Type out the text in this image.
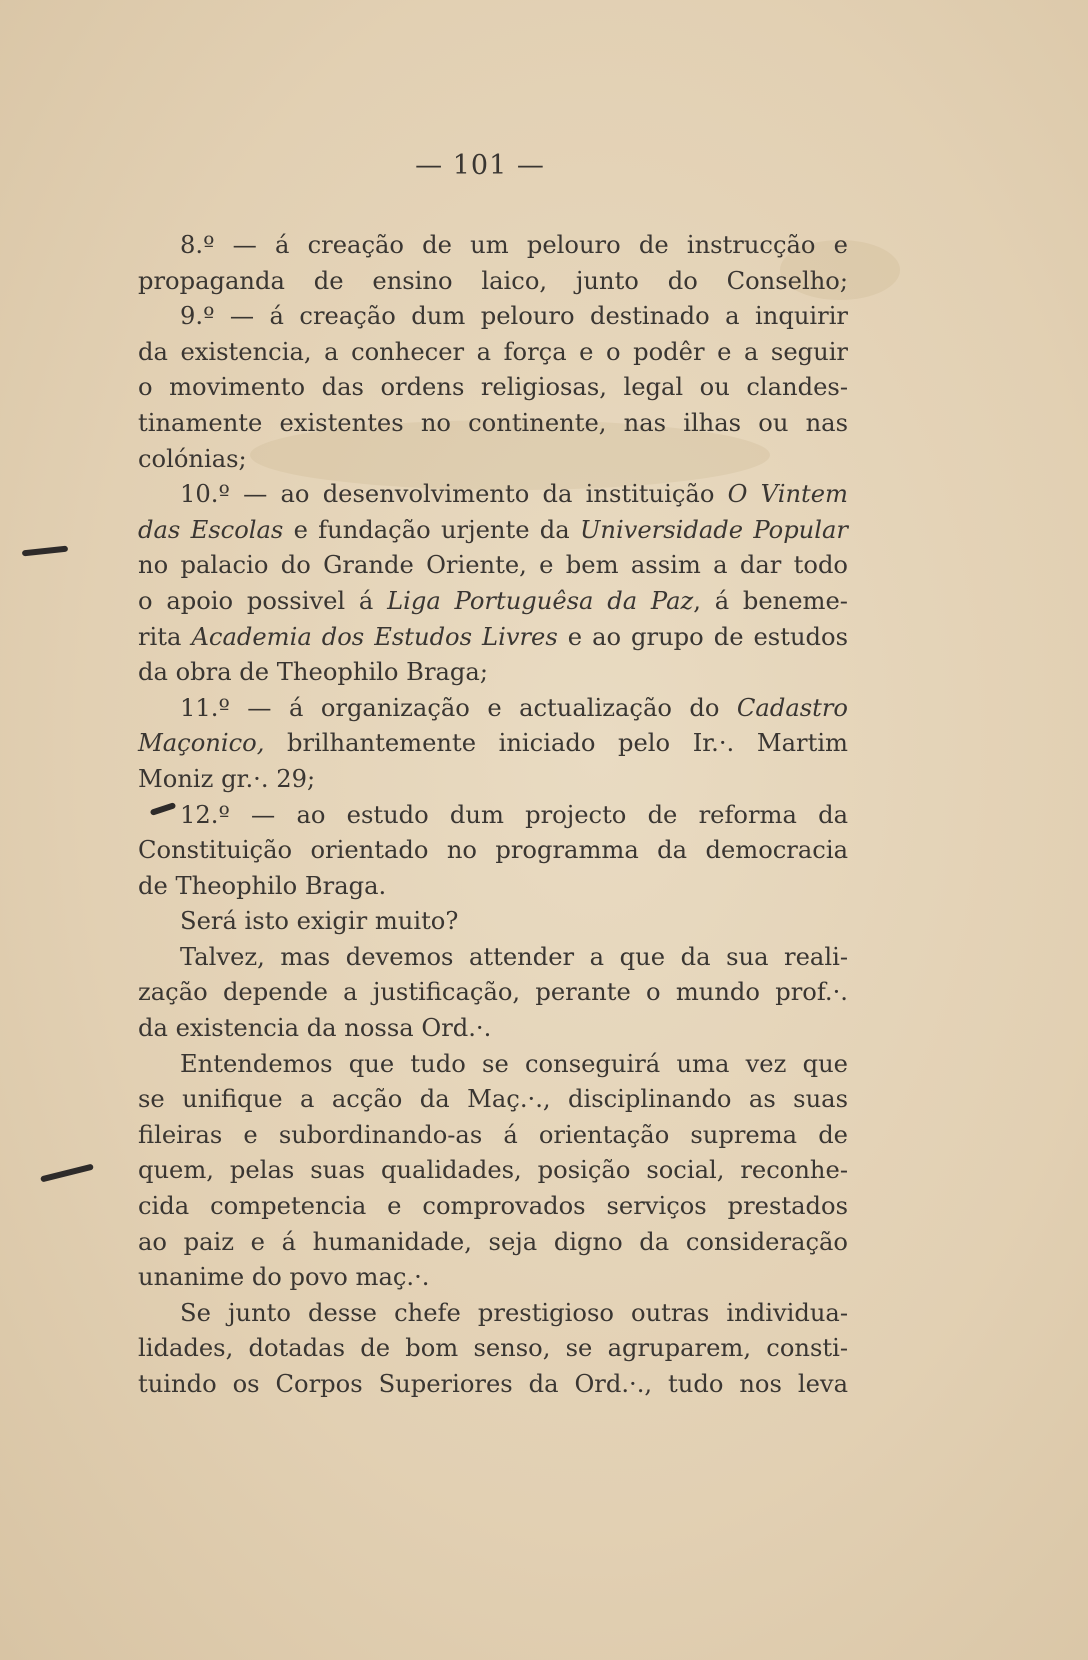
— 101 —
8.º — á creação de um pelouro de instrucção e
propaganda de ensino laico, junto do Conselho;
9.º — á creação dum pelouro destinado a inquirir
da existencia, a conhecer a força e o podêr e a seguir
o movimento das ordens religiosas, legal ou clandes-
tinamente existentes no continente, nas ilhas ou nas
colónias;
10.º — ao desenvolvimento da instituição O Vintem
das Escolas e fundação urjente da Universidade Popular
no palacio do Grande Oriente, e bem assim a dar todo
o apoio possivel á Liga Portuguêsa da Paz, á beneme-
rita Academia dos Estudos Livres e ao grupo de estudos
da obra de Theophilo Braga;
11.º — á organização e actualização do Cadastro
Maçonico, brilhantemente iniciado pelo Ir.·. Martim
Moniz gr.·. 29;
12.º — ao estudo dum projecto de reforma da
Constituição orientado no programma da democracia
de Theophilo Braga.
Será isto exigir muito?
Talvez, mas devemos attender a que da sua reali-
zação depende a justificação, perante o mundo prof.·.
da existencia da nossa Ord.·.
Entendemos que tudo se conseguirá uma vez que
se unifique a acção da Maç.·., disciplinando as suas
fileiras e subordinando-as á orientação suprema de
quem, pelas suas qualidades, posição social, reconhe-
cida competencia e comprovados serviços prestados
ao paiz e á humanidade, seja digno da consideração
unanime do povo maç.·.
Se junto desse chefe prestigioso outras individua-
lidades, dotadas de bom senso, se agruparem, consti-
tuindo os Corpos Superiores da Ord.·., tudo nos leva
